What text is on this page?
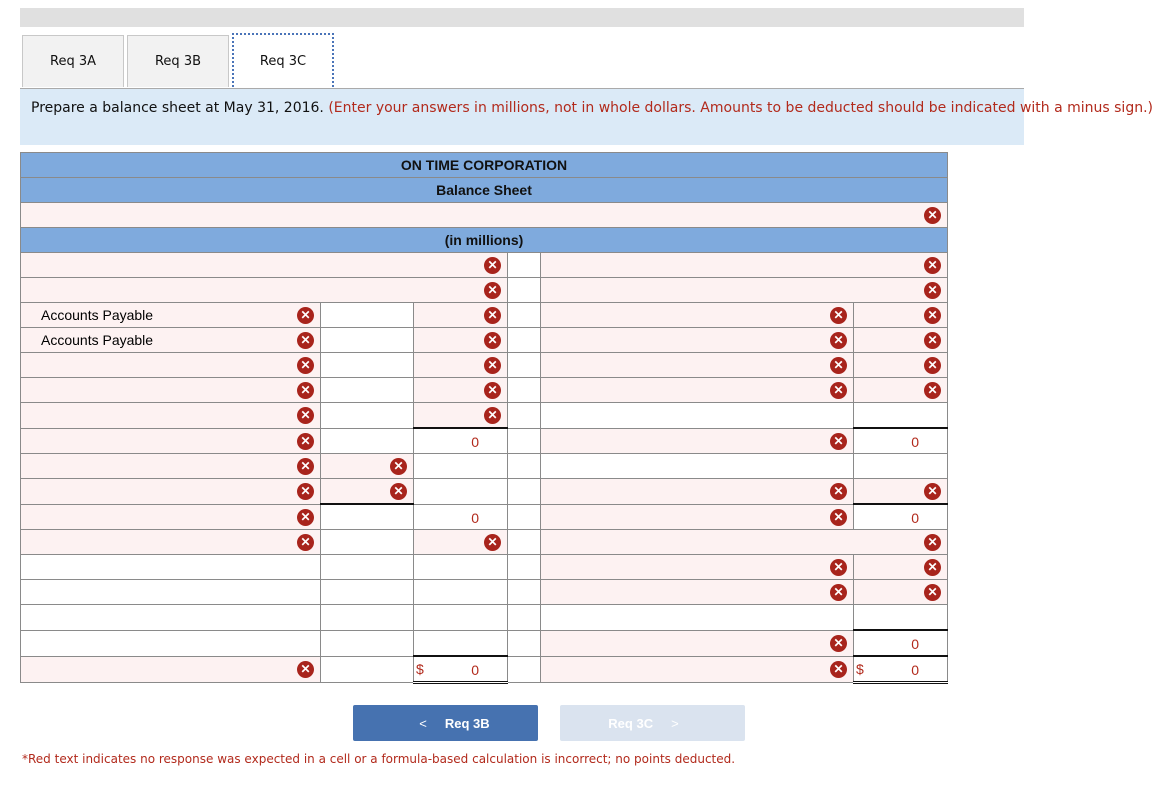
Req 3A	Req 3B	Req 3C
Prepare a balance sheet at May 31, 2016. (Enter your answers in millions, not in whole dollars. Amounts to be deducted should be indicated with a minus sign.)
ON TIME CORPORATION					
Balance Sheet					

✕					

(in millions)					

✕				✕	

✕				✕	

Accounts Payable ✕		✕		✕	✕

Accounts Payable ✕		✕		✕	✕

✕		✕		✕	✕

✕		✕		✕	✕

✕		✕			

✕		0		✕	0

✕	✕				

✕	✕			✕	✕

✕		0		✕	0

✕		✕		✕	

				✕	✕

				✕	✕

				✕	0

✕		$ 0		✕	$ 0
< Req 3B	Req 3C >
*Red text indicates no response was expected in a cell or a formula-based calculation is incorrect; no points deducted.
